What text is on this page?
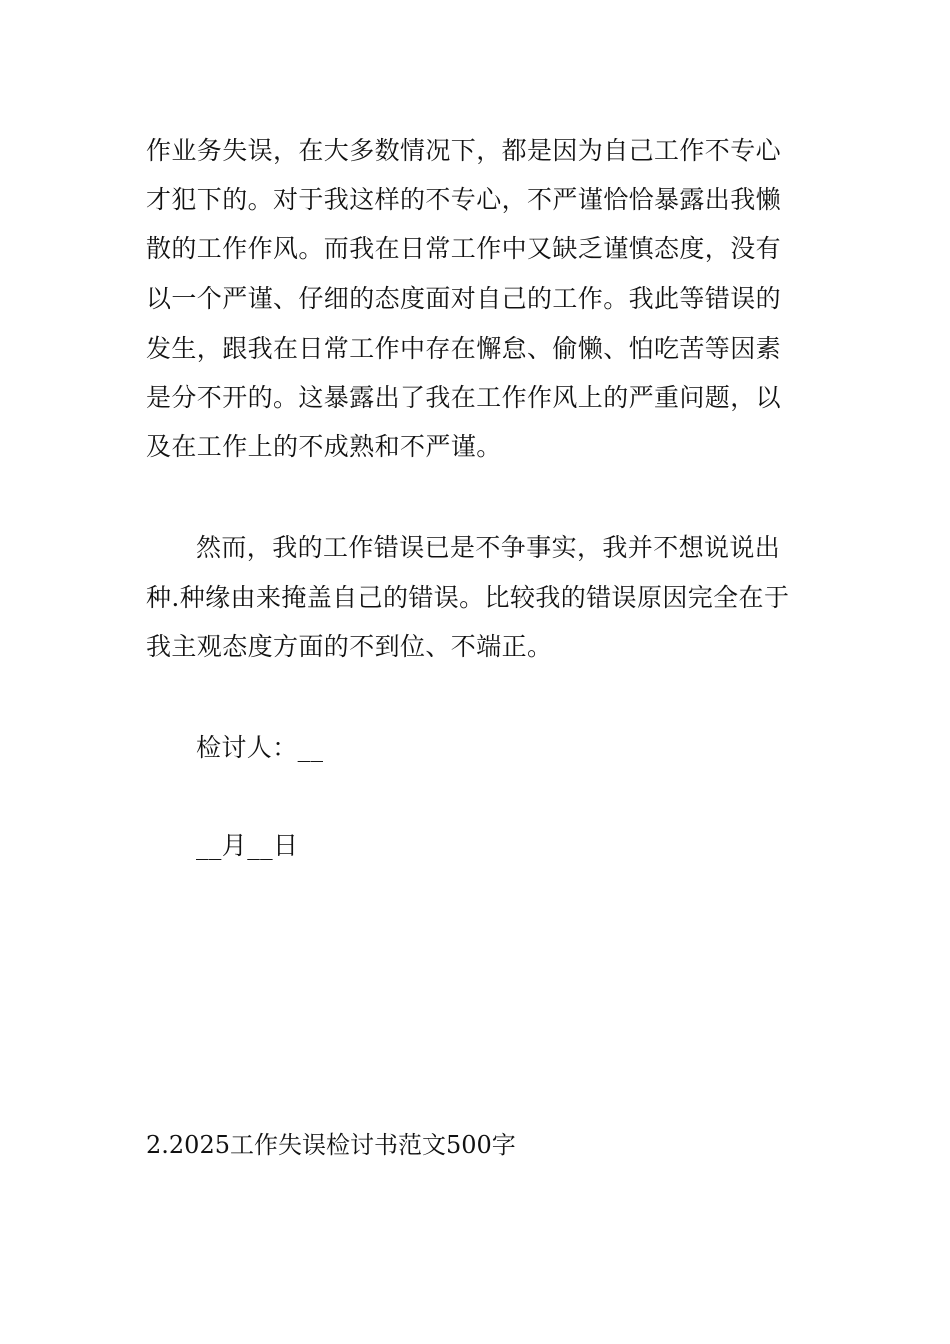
作业务失误，在大多数情况下，都是因为自己工作不专心
才犯下的。对于我这样的不专心，不严谨恰恰暴露出我懒
散的工作作风。而我在日常工作中又缺乏谨慎态度，没有
以一个严谨、仔细的态度面对自己的工作。我此等错误的
发生，跟我在日常工作中存在懈怠、偷懒、怕吃苦等因素
是分不开的。这暴露出了我在工作作风上的严重问题，以
及在工作上的不成熟和不严谨。
然而，我的工作错误已是不争事实，我并不想说说出
种.种缘由来掩盖自己的错误。比较我的错误原因完全在于
我主观态度方面的不到位、不端正。
检讨人：__
__月__日
2.2025工作失误检讨书范文500字
